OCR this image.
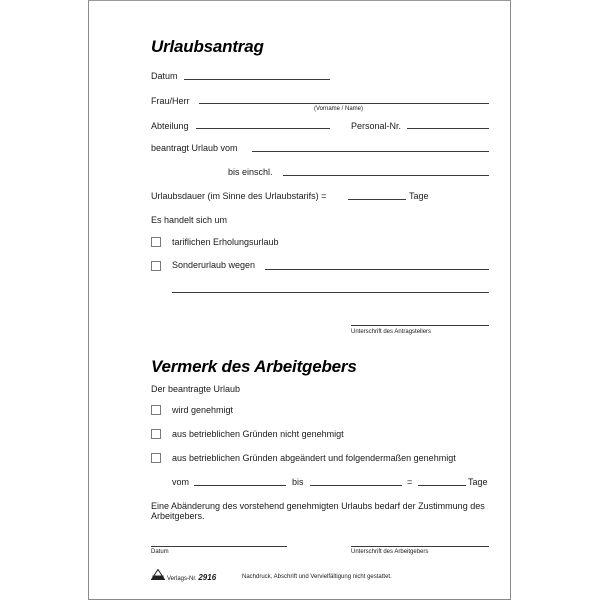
Urlaubsantrag
Datum
Frau/Herr
(Vorname / Name)
Abteilung	Personal-Nr.
beantragt Urlaub vom
bis einschl.
Urlaubsdauer (im Sinne des Urlaubstarifs) =	Tage
Es handelt sich um
tariflichen Erholungsurlaub
Sonderurlaub wegen
Unterschrift des Antragstellers
Vermerk des Arbeitgebers
Der beantragte Urlaub
wird genehmigt
aus betrieblichen Gründen nicht genehmigt
aus betrieblichen Gründen abgeändert und folgendermaßen genehmigt
vom	bis	=	Tage
Eine Abänderung des vorstehend genehmigten Urlaubs bedarf der Zustimmung des Arbeitgebers.
Datum	Unterschrift des Arbeitgebers
Verlags-Nr. 2916	Nachdruck, Abschrift und Vervielfältigung nicht gestattet.
